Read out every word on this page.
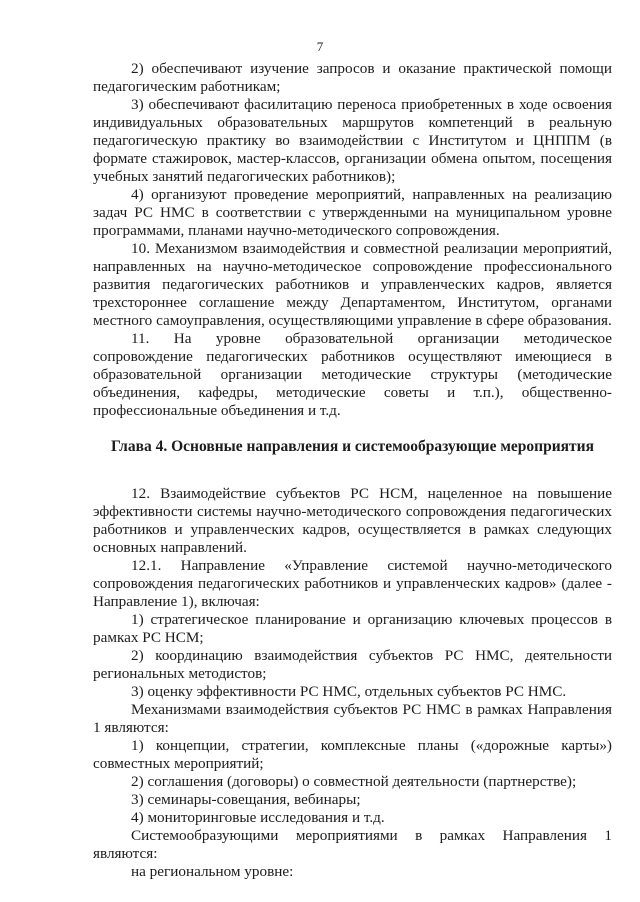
7

2) обеспечивают изучение запросов и оказание практической помощи педагогическим работникам;

3) обеспечивают фасилитацию переноса приобретенных в ходе освоения индивидуальных образовательных маршрутов компетенций в реальную педагогическую практику во взаимодействии с Институтом и ЦНППМ (в формате стажировок, мастер-классов, организации обмена опытом, посещения учебных занятий педагогических работников);

4) организуют проведение мероприятий, направленных на реализацию задач РС НМС в соответствии с утвержденными на муниципальном уровне программами, планами научно-методического сопровождения.

10. Механизмом взаимодействия и совместной реализации мероприятий, направленных на научно-методическое сопровождение профессионального развития педагогических работников и управленческих кадров, является трехстороннее соглашение между Департаментом, Институтом, органами местного самоуправления, осуществляющими управление в сфере образования.

11. На уровне образовательной организации методическое сопровождение педагогических работников осуществляют имеющиеся в образовательной организации методические структуры (методические объединения, кафедры, методические советы и т.п.), общественно-профессиональные объединения и т.д.

Глава 4. Основные направления и системообразующие мероприятия

12. Взаимодействие субъектов РС НСМ, нацеленное на повышение эффективности системы научно-методического сопровождения педагогических работников и управленческих кадров, осуществляется в рамках следующих основных направлений.

12.1. Направление «Управление системой научно-методического сопровождения педагогических работников и управленческих кадров» (далее - Направление 1), включая:

1) стратегическое планирование и организацию ключевых процессов в рамках РС НСМ;

2) координацию взаимодействия субъектов РС НМС, деятельности региональных методистов;

3) оценку эффективности РС НМС, отдельных субъектов РС НМС.

Механизмами взаимодействия субъектов РС НМС в рамках Направления 1 являются:

1) концепции, стратегии, комплексные планы («дорожные карты») совместных мероприятий;

2) соглашения (договоры) о совместной деятельности (партнерстве);

3) семинары-совещания, вебинары;

4) мониторинговые исследования и т.д.

Системообразующими мероприятиями в рамках Направления 1 являются:

на региональном уровне:
